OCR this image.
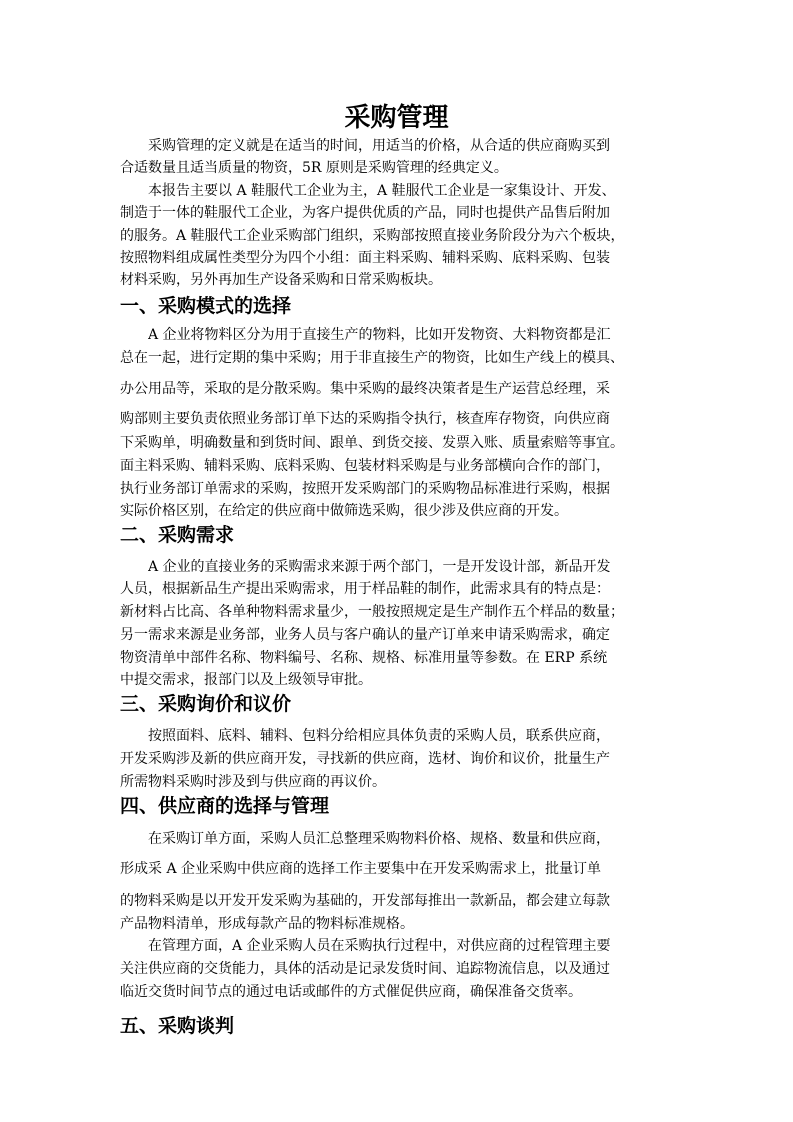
采购管理
采购管理的定义就是在适当的时间，用适当的价格，从合适的供应商购买到
合适数量且适当质量的物资，5R 原则是采购管理的经典定义。
本报告主要以 A 鞋服代工企业为主，A 鞋服代工企业是一家集设计、开发、
制造于一体的鞋服代工企业，为客户提供优质的产品，同时也提供产品售后附加
的服务。A 鞋服代工企业采购部门组织，采购部按照直接业务阶段分为六个板块，
按照物料组成属性类型分为四个小组：面主料采购、辅料采购、底料采购、包装
材料采购，另外再加生产设备采购和日常采购板块。
一、采购模式的选择
A 企业将物料区分为用于直接生产的物料，比如开发物资、大料物资都是汇
总在一起，进行定期的集中采购；用于非直接生产的物资，比如生产线上的模具、
办公用品等，采取的是分散采购。集中采购的最终决策者是生产运营总经理，采
购部则主要负责依照业务部订单下达的采购指令执行，核查库存物资，向供应商
下采购单，明确数量和到货时间、跟单、到货交接、发票入账、质量索赔等事宜。
面主料采购、辅料采购、底料采购、包装材料采购是与业务部横向合作的部门，
执行业务部订单需求的采购，按照开发采购部门的采购物品标准进行采购，根据
实际价格区别，在给定的供应商中做筛选采购，很少涉及供应商的开发。
二、采购需求
A 企业的直接业务的采购需求来源于两个部门，一是开发设计部，新品开发
人员，根据新品生产提出采购需求，用于样品鞋的制作，此需求具有的特点是：
新材料占比高、各单种物料需求量少，一般按照规定是生产制作五个样品的数量；
另一需求来源是业务部，业务人员与客户确认的量产订单来申请采购需求，确定
物资清单中部件名称、物料编号、名称、规格、标准用量等参数。在 ERP 系统
中提交需求，报部门以及上级领导审批。
三、采购询价和议价
按照面料、底料、辅料、包料分给相应具体负责的采购人员，联系供应商，
开发采购涉及新的供应商开发，寻找新的供应商，选材、询价和议价，批量生产
所需物料采购时涉及到与供应商的再议价。
四、供应商的选择与管理
在采购订单方面，采购人员汇总整理采购物料价格、规格、数量和供应商，
形成采 A 企业采购中供应商的选择工作主要集中在开发采购需求上，批量订单
的物料采购是以开发开发采购为基础的，开发部每推出一款新品，都会建立每款
产品物料清单，形成每款产品的物料标准规格。
在管理方面，A 企业采购人员在采购执行过程中，对供应商的过程管理主要
关注供应商的交货能力，具体的活动是记录发货时间、追踪物流信息，以及通过
临近交货时间节点的通过电话或邮件的方式催促供应商，确保准备交货率。
五、采购谈判
